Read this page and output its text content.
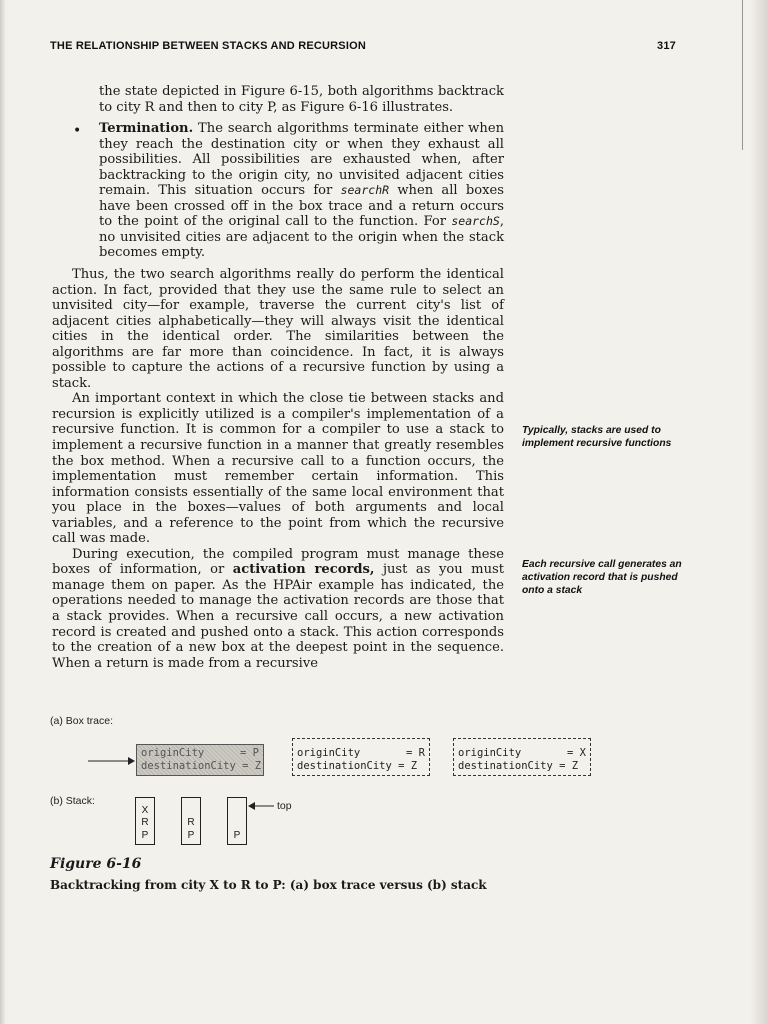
THE RELATIONSHIP BETWEEN STACKS AND RECURSION	317

the state depicted in Figure 6-15, both algorithms backtrack to city R and then to city P, as Figure 6-16 illustrates.

• Termination. The search algorithms terminate either when they reach the destination city or when they exhaust all possibilities. All possibilities are exhausted when, after backtracking to the origin city, no unvisited adjacent cities remain. This situation occurs for searchR when all boxes have been crossed off in the box trace and a return occurs to the point of the original call to the function. For searchS, no unvisited cities are adjacent to the origin when the stack becomes empty.

Thus, the two search algorithms really do perform the identical action. In fact, provided that they use the same rule to select an unvisited city—for example, traverse the current city's list of adjacent cities alphabetically—they will always visit the identical cities in the identical order. The similarities between the algorithms are far more than coincidence. In fact, it is always possible to capture the actions of a recursive function by using a stack.

An important context in which the close tie between stacks and recursion is explicitly utilized is a compiler's implementation of a recursive function. It is common for a compiler to use a stack to implement a recursive function in a manner that greatly resembles the box method. When a recursive call to a function occurs, the implementation must remember certain information. This information consists essentially of the same local environment that you place in the boxes—values of both arguments and local variables, and a reference to the point from which the recursive call was made.

During execution, the compiled program must manage these boxes of information, or activation records, just as you must manage them on paper. As the HPAir example has indicated, the operations needed to manage the activation records are those that a stack provides. When a recursive call occurs, a new activation record is created and pushed onto a stack. This action corresponds to the creation of a new box at the deepest point in the sequence. When a return is made from a recursive

Typically, stacks are used to implement recursive functions
Each recursive call generates an activation record that is pushed onto a stack
(a) Box trace:
originCity	= P
destinationCity = Z
originCity	= R
destinationCity = Z
originCity	= X
destinationCity = Z
(b) Stack:
X
R
P
R
P	P
top
Figure 6-16
Backtracking from city X to R to P: (a) box trace versus (b) stack
